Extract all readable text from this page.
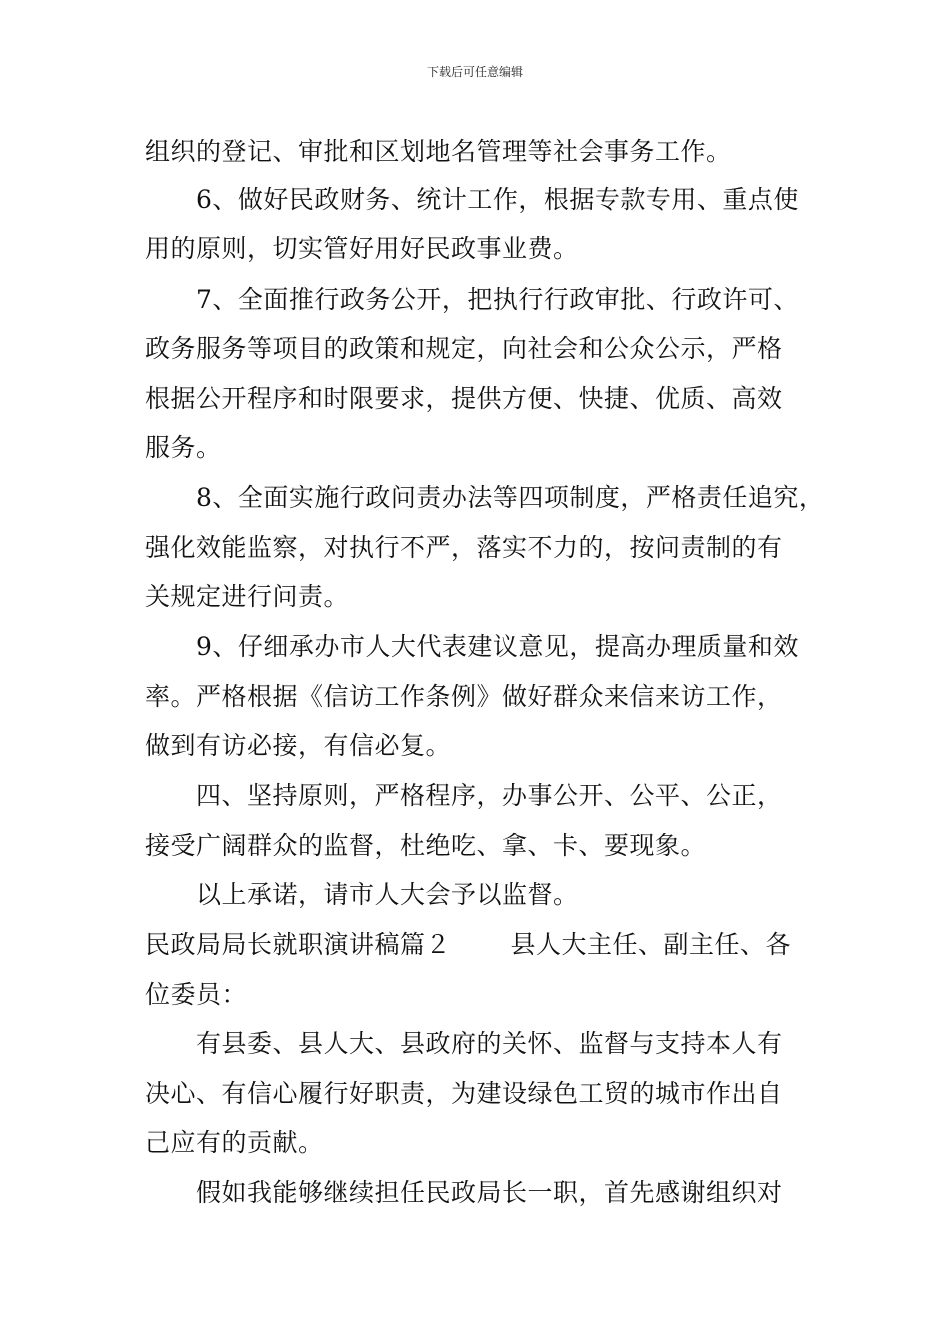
下载后可任意编辑
组织的登记、审批和区划地名管理等社会事务工作。
　　6、做好民政财务、统计工作，根据专款专用、重点使
用的原则，切实管好用好民政事业费。
　　7、全面推行政务公开，把执行行政审批、行政许可、
政务服务等项目的政策和规定，向社会和公众公示，严格
根据公开程序和时限要求，提供方便、快捷、优质、高效
服务。
　　8、全面实施行政问责办法等四项制度，严格责任追究，
强化效能监察，对执行不严，落实不力的，按问责制的有
关规定进行问责。
　　9、仔细承办市人大代表建议意见，提高办理质量和效
率。严格根据《信访工作条例》做好群众来信来访工作，
做到有访必接，有信必复。
　　四、坚持原则，严格程序，办事公开、公平、公正，
接受广阔群众的监督，杜绝吃、拿、卡、要现象。
　　以上承诺，请市人大会予以监督。
民政局局长就职演讲稿篇２　　 县人大主任、副主任、各
位委员：
　　有县委、县人大、县政府的关怀、监督与支持本人有
决心、有信心履行好职责，为建设绿色工贸的城市作出自
己应有的贡献。
　　假如我能够继续担任民政局长一职，首先感谢组织对
